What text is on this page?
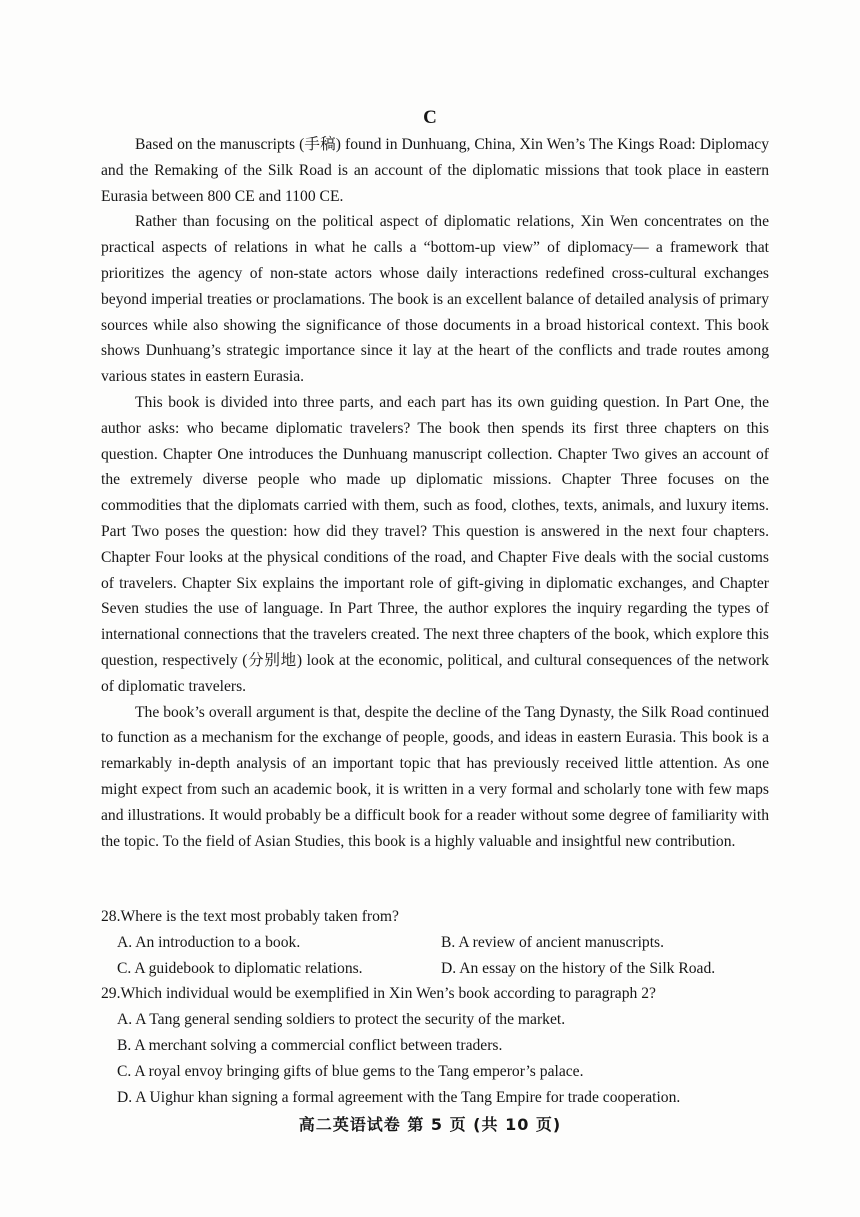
C

Based on the manuscripts (手稿) found in Dunhuang, China, Xin Wen’s The Kings Road: Diplomacy and the Remaking of the Silk Road is an account of the diplomatic missions that took place in eastern Eurasia between 800 CE and 1100 CE.

Rather than focusing on the political aspect of diplomatic relations, Xin Wen concentrates on the practical aspects of relations in what he calls a “bottom-up view” of diplomacy— a framework that prioritizes the agency of non-state actors whose daily interactions redefined cross-cultural exchanges beyond imperial treaties or proclamations. The book is an excellent balance of detailed analysis of primary sources while also showing the significance of those documents in a broad historical context. This book shows Dunhuang’s strategic importance since it lay at the heart of the conflicts and trade routes among various states in eastern Eurasia.

This book is divided into three parts, and each part has its own guiding question. In Part One, the author asks: who became diplomatic travelers? The book then spends its first three chapters on this question. Chapter One introduces the Dunhuang manuscript collection. Chapter Two gives an account of the extremely diverse people who made up diplomatic missions. Chapter Three focuses on the commodities that the diplomats carried with them, such as food, clothes, texts, animals, and luxury items. Part Two poses the question: how did they travel? This question is answered in the next four chapters. Chapter Four looks at the physical conditions of the road, and Chapter Five deals with the social customs of travelers. Chapter Six explains the important role of gift-giving in diplomatic exchanges, and Chapter Seven studies the use of language. In Part Three, the author explores the inquiry regarding the types of international connections that the travelers created. The next three chapters of the book, which explore this question, respectively (分别地) look at the economic, political, and cultural consequences of the network of diplomatic travelers.

The book’s overall argument is that, despite the decline of the Tang Dynasty, the Silk Road continued to function as a mechanism for the exchange of people, goods, and ideas in eastern Eurasia. This book is a remarkably in-depth analysis of an important topic that has previously received little attention. As one might expect from such an academic book, it is written in a very formal and scholarly tone with few maps and illustrations. It would probably be a difficult book for a reader without some degree of familiarity with the topic. To the field of Asian Studies, this book is a highly valuable and insightful new contribution.

28.Where is the text most probably taken from?

A. An introduction to a book.	B. A review of ancient manuscripts.
C. A guidebook to diplomatic relations.	D. An essay on the history of the Silk Road.

29.Which individual would be exemplified in Xin Wen’s book according to paragraph 2?

A. A Tang general sending soldiers to protect the security of the market.
B. A merchant solving a commercial conflict between traders.
C. A royal envoy bringing gifts of blue gems to the Tang emperor’s palace.
D. A Uighur khan signing a formal agreement with the Tang Empire for trade cooperation.
高二英语试卷 第 5 页 (共 10 页)
